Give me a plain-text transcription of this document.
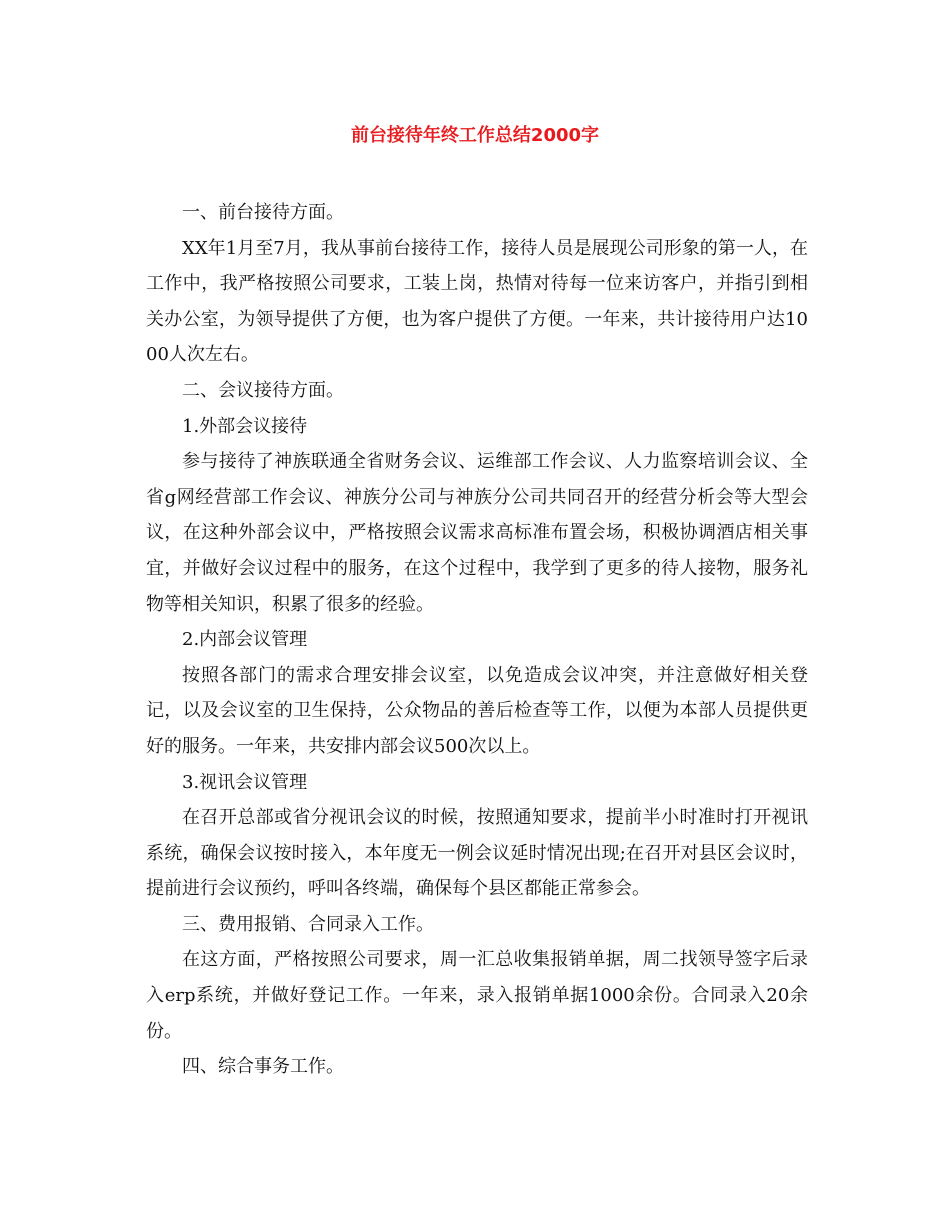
前台接待年终工作总结2000字

一、前台接待方面。

XX年1月至7月，我从事前台接待工作，接待人员是展现公司形象的第一人，在工作中，我严格按照公司要求，工装上岗，热情对待每一位来访客户，并指引到相关办公室，为领导提供了方便，也为客户提供了方便。一年来，共计接待用户达1000人次左右。

二、会议接待方面。

1.外部会议接待

参与接待了神族联通全省财务会议、运维部工作会议、人力监察培训会议、全省g网经营部工作会议、神族分公司与神族分公司共同召开的经营分析会等大型会议，在这种外部会议中，严格按照会议需求高标准布置会场，积极协调酒店相关事宜，并做好会议过程中的服务，在这个过程中，我学到了更多的待人接物，服务礼物等相关知识，积累了很多的经验。

2.内部会议管理

按照各部门的需求合理安排会议室，以免造成会议冲突，并注意做好相关登记，以及会议室的卫生保持，公众物品的善后检查等工作，以便为本部人员提供更好的服务。一年来，共安排内部会议500次以上。

3.视讯会议管理

在召开总部或省分视讯会议的时候，按照通知要求，提前半小时准时打开视讯系统，确保会议按时接入，本年度无一例会议延时情况出现;在召开对县区会议时，提前进行会议预约，呼叫各终端，确保每个县区都能正常参会。

三、费用报销、合同录入工作。

在这方面，严格按照公司要求，周一汇总收集报销单据，周二找领导签字后录入erp系统，并做好登记工作。一年来，录入报销单据1000余份。合同录入20余份。

四、综合事务工作。
